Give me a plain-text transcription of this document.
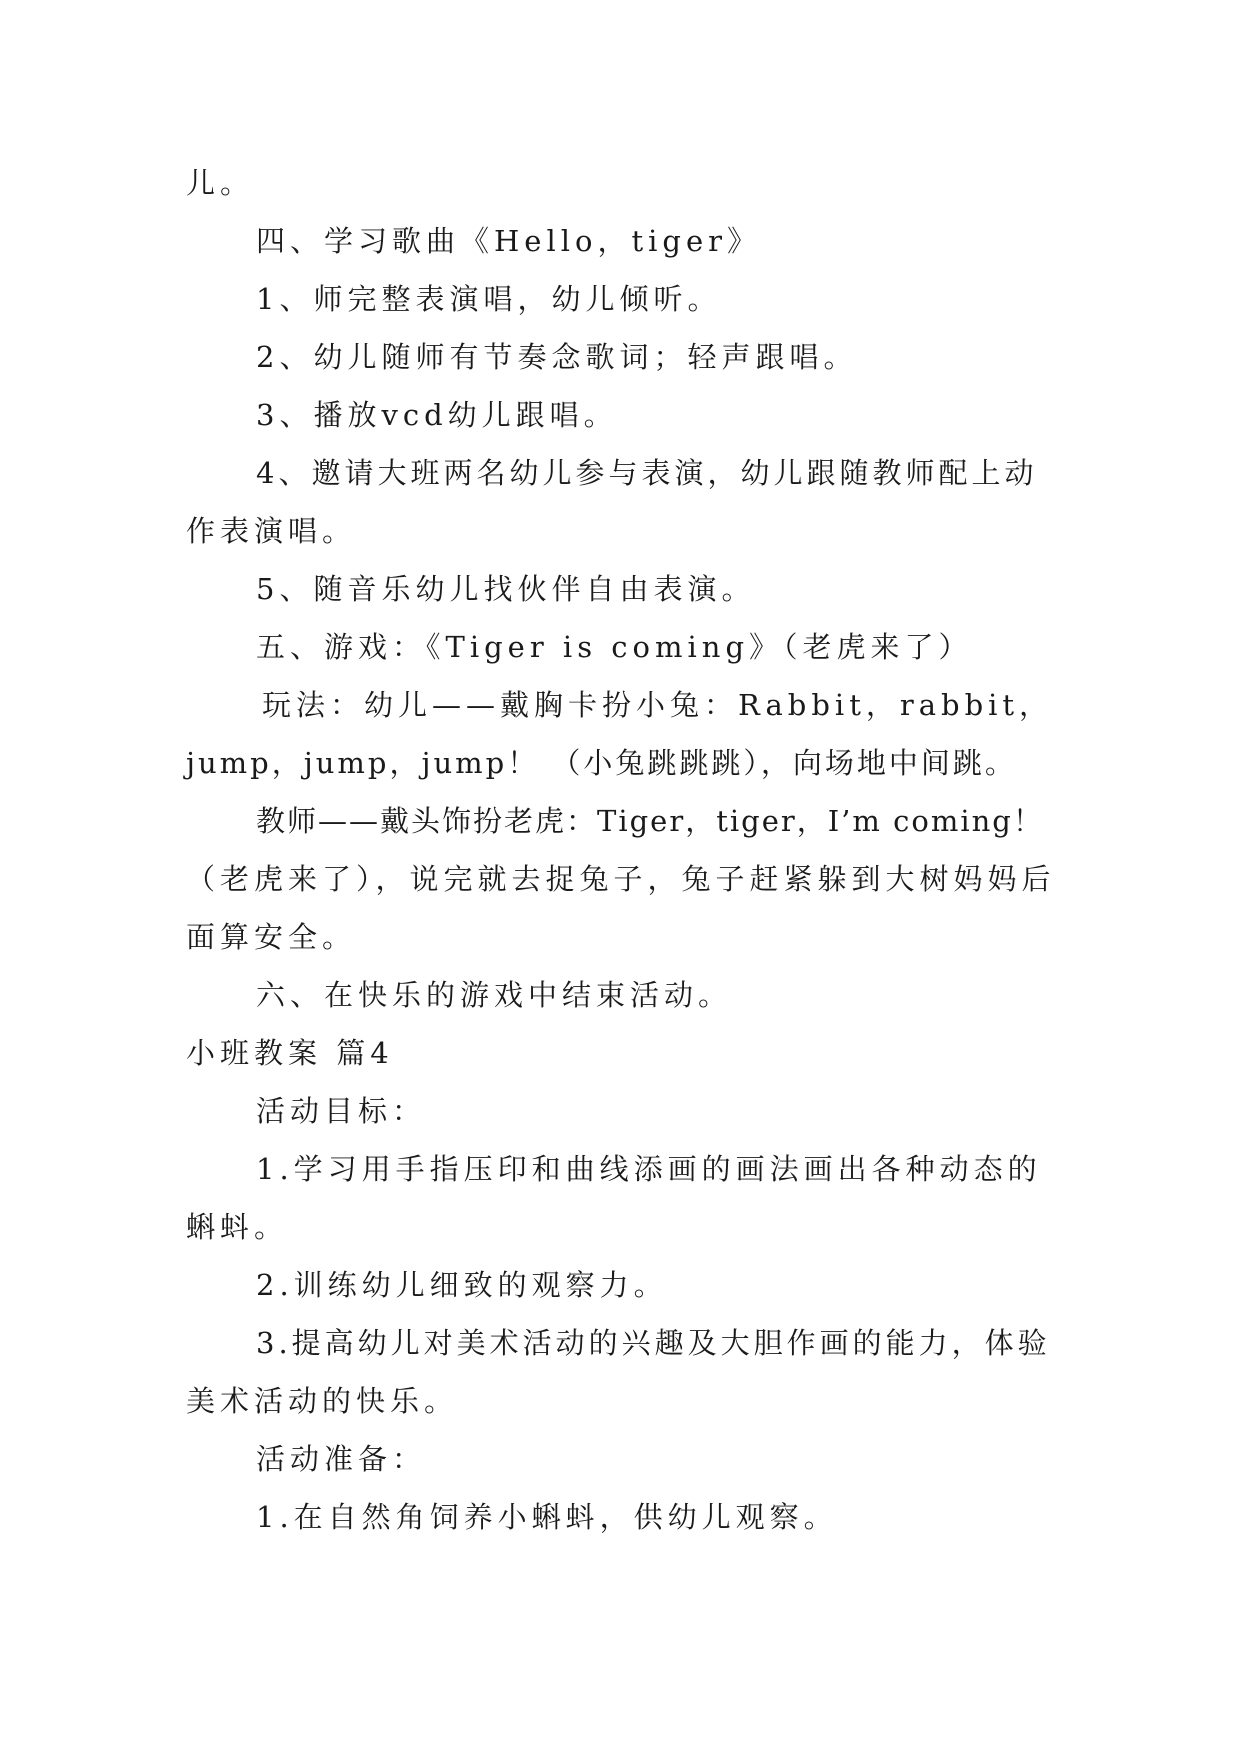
儿。
四、学习歌曲《Hello，tiger》
1、师完整表演唱，幼儿倾听。
2、幼儿随师有节奏念歌词；轻声跟唱。
3、播放vcd幼儿跟唱。
4、邀请大班两名幼儿参与表演，幼儿跟随教师配上动
作表演唱。
5、随音乐幼儿找伙伴自由表演。
五、游戏：《Tiger is coming》（老虎来了）
玩法：幼儿——戴胸卡扮小兔：Rabbit，rabbit，
jump，jump，jump！ （小兔跳跳跳），向场地中间跳。
教师——戴头饰扮老虎：Tiger，tiger，I’m coming！
（老虎来了），说完就去捉兔子，兔子赶紧躲到大树妈妈后
面算安全。
六、在快乐的游戏中结束活动。
小班教案 篇4
活动目标：
1.学习用手指压印和曲线添画的画法画出各种动态的
蝌蚪。
2.训练幼儿细致的观察力。
3.提高幼儿对美术活动的兴趣及大胆作画的能力，体验
美术活动的快乐。
活动准备：
1.在自然角饲养小蝌蚪，供幼儿观察。
